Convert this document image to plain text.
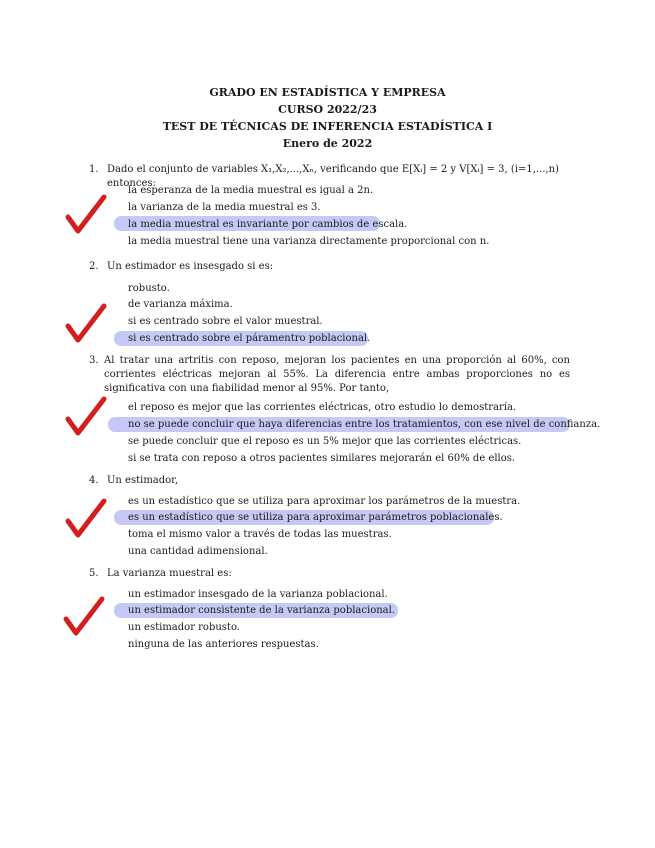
GRADO EN ESTADÍSTICA Y EMPRESA
CURSO 2022/23
TEST DE TÉCNICAS DE INFERENCIA ESTADÍSTICA I
Enero de 2022
1. Dado el conjunto de variables X₁,X₂,...,Xₙ, verificando que E[Xᵢ] = 2 y V[Xᵢ] = 3, (i=1,...,n) entonces:
la esperanza de la media muestral es igual a 2n.
la varianza de la media muestral es 3.
la media muestral es invariante por cambios de escala.
la media muestral tiene una varianza directamente proporcional con n.
2. Un estimador es insesgado si es:
robusto.
de varianza máxima.
si es centrado sobre el valor muestral.
si es centrado sobre el páramentro poblacional.
3. Al tratar una artritis con reposo, mejoran los pacientes en una proporción al 60%, con corrientes eléctricas mejoran al 55%. La diferencia entre ambas proporciones no es significativa con una fiabilidad menor al 95%. Por tanto,
el reposo es mejor que las corrientes eléctricas, otro estudio lo demostraría.
no se puede concluir que haya diferencias entre los tratamientos, con ese nivel de confianza.
se puede concluir que el reposo es un 5% mejor que las corrientes eléctricas.
si se trata con reposo a otros pacientes similares mejorarán el 60% de ellos.
4. Un estimador,
es un estadístico que se utiliza para aproximar los parámetros de la muestra.
es un estadístico que se utiliza para aproximar parámetros poblacionales.
toma el mismo valor a través de todas las muestras.
una cantidad adimensional.
5. La varianza muestral es:
un estimador insesgado de la varianza poblacional.
un estimador consistente de la varianza poblacional.
un estimador robusto.
ninguna de las anteriores respuestas.
